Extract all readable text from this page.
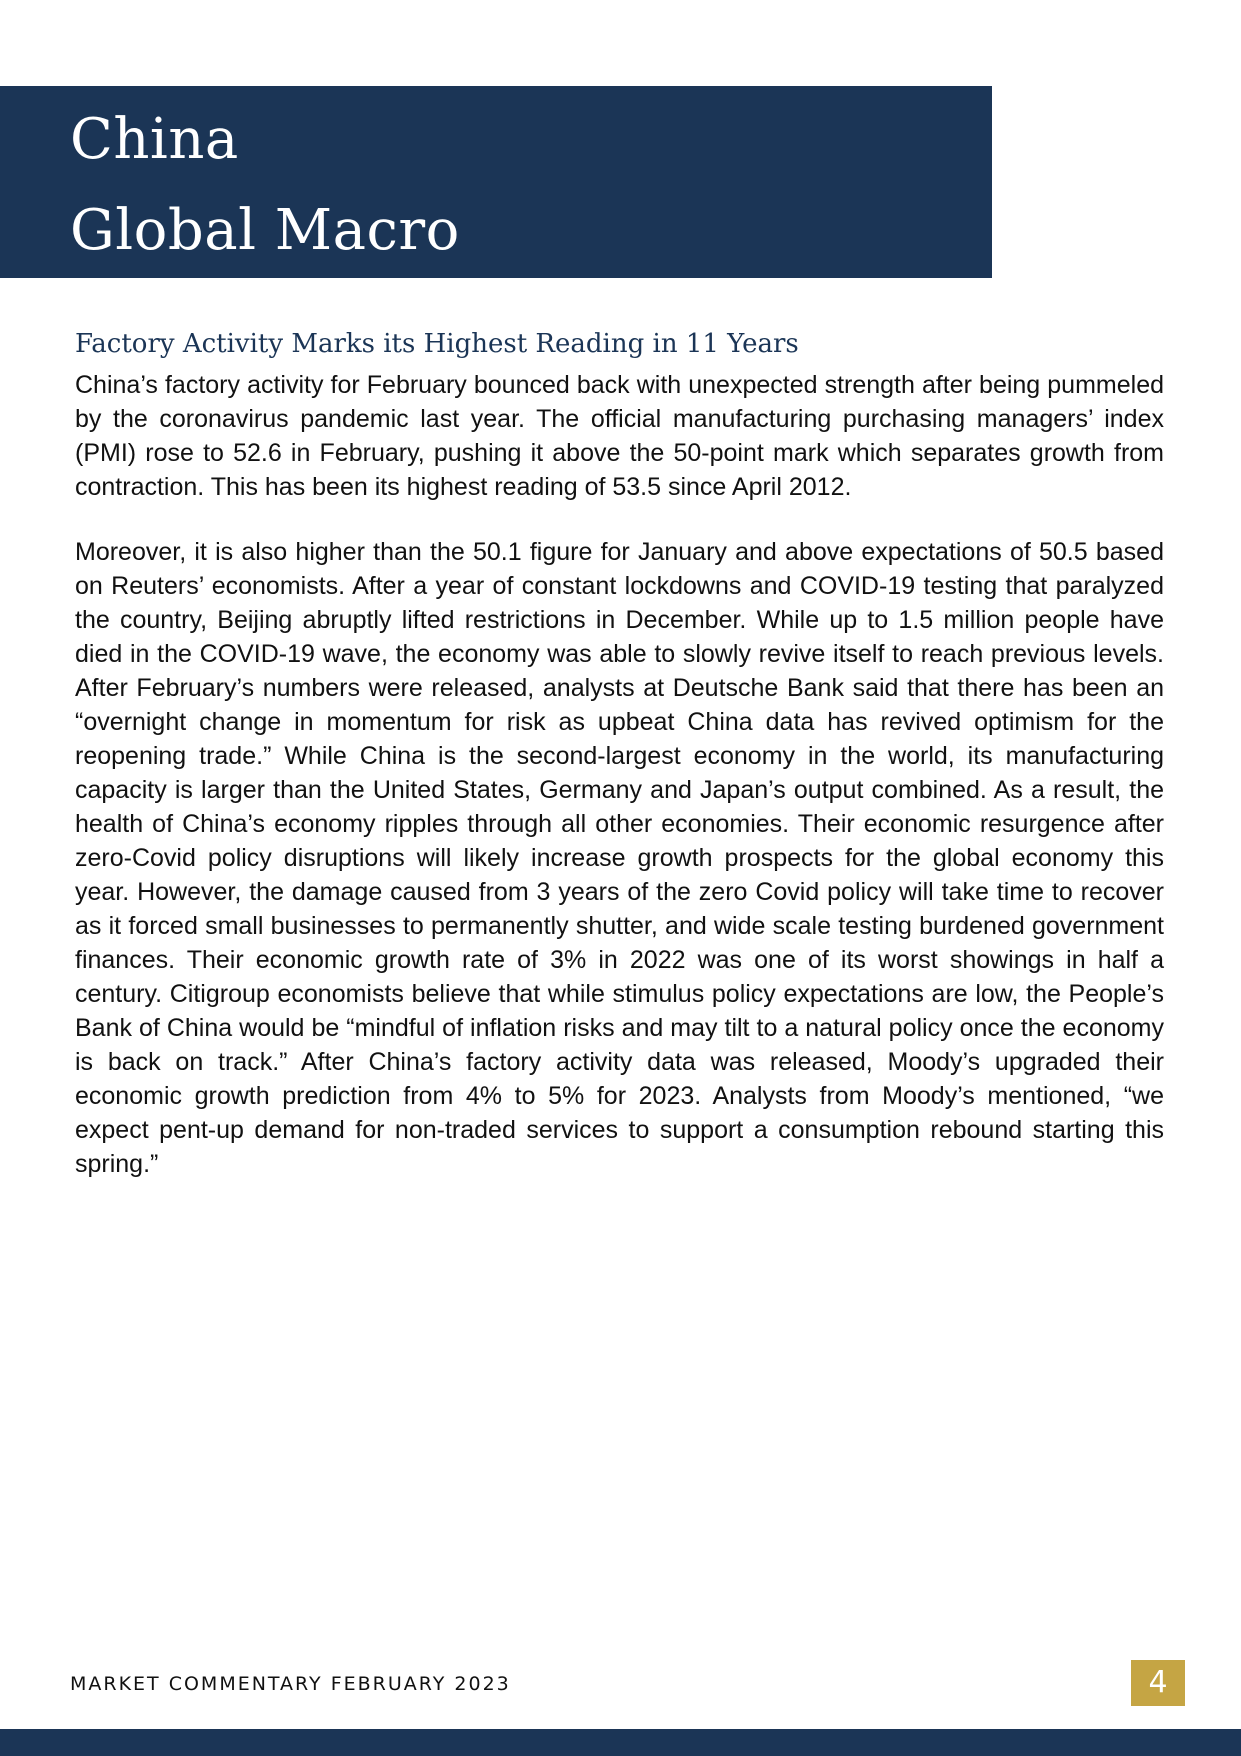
China
Global Macro
Factory Activity Marks its Highest Reading in 11 Years

China’s factory activity for February bounced back with unexpected strength after being pummeled by the coronavirus pandemic last year. The official manufacturing purchasing managers’ index (PMI) rose to 52.6 in February, pushing it above the 50-point mark which separates growth from contraction. This has been its highest reading of 53.5 since April 2012.

Moreover, it is also higher than the 50.1 figure for January and above expectations of 50.5 based on Reuters’ economists. After a year of constant lockdowns and COVID-19 testing that paralyzed the country, Beijing abruptly lifted restrictions in December. While up to 1.5 million people have died in the COVID-19 wave, the economy was able to slowly revive itself to reach previous levels. After February’s numbers were released, analysts at Deutsche Bank said that there has been an “overnight change in momentum for risk as upbeat China data has revived optimism for the reopening trade.” While China is the second-largest economy in the world, its manufacturing capacity is larger than the United States, Germany and Japan’s output combined. As a result, the health of China’s economy ripples through all other economies. Their economic resurgence after zero-Covid policy disruptions will likely increase growth prospects for the global economy this year. However, the damage caused from 3 years of the zero Covid policy will take time to recover as it forced small businesses to permanently shutter, and wide scale testing burdened government finances. Their economic growth rate of 3% in 2022 was one of its worst showings in half a century. Citigroup economists believe that while stimulus policy expectations are low, the People’s Bank of China would be “mindful of inflation risks and may tilt to a natural policy once the economy is back on track.” After China’s factory activity data was released, Moody’s upgraded their economic growth prediction from 4% to 5% for 2023. Analysts from Moody’s mentioned, “we expect pent-up demand for non-traded services to support a consumption rebound starting this spring.”

MARKET COMMENTARY FEBRUARY 2023	4
